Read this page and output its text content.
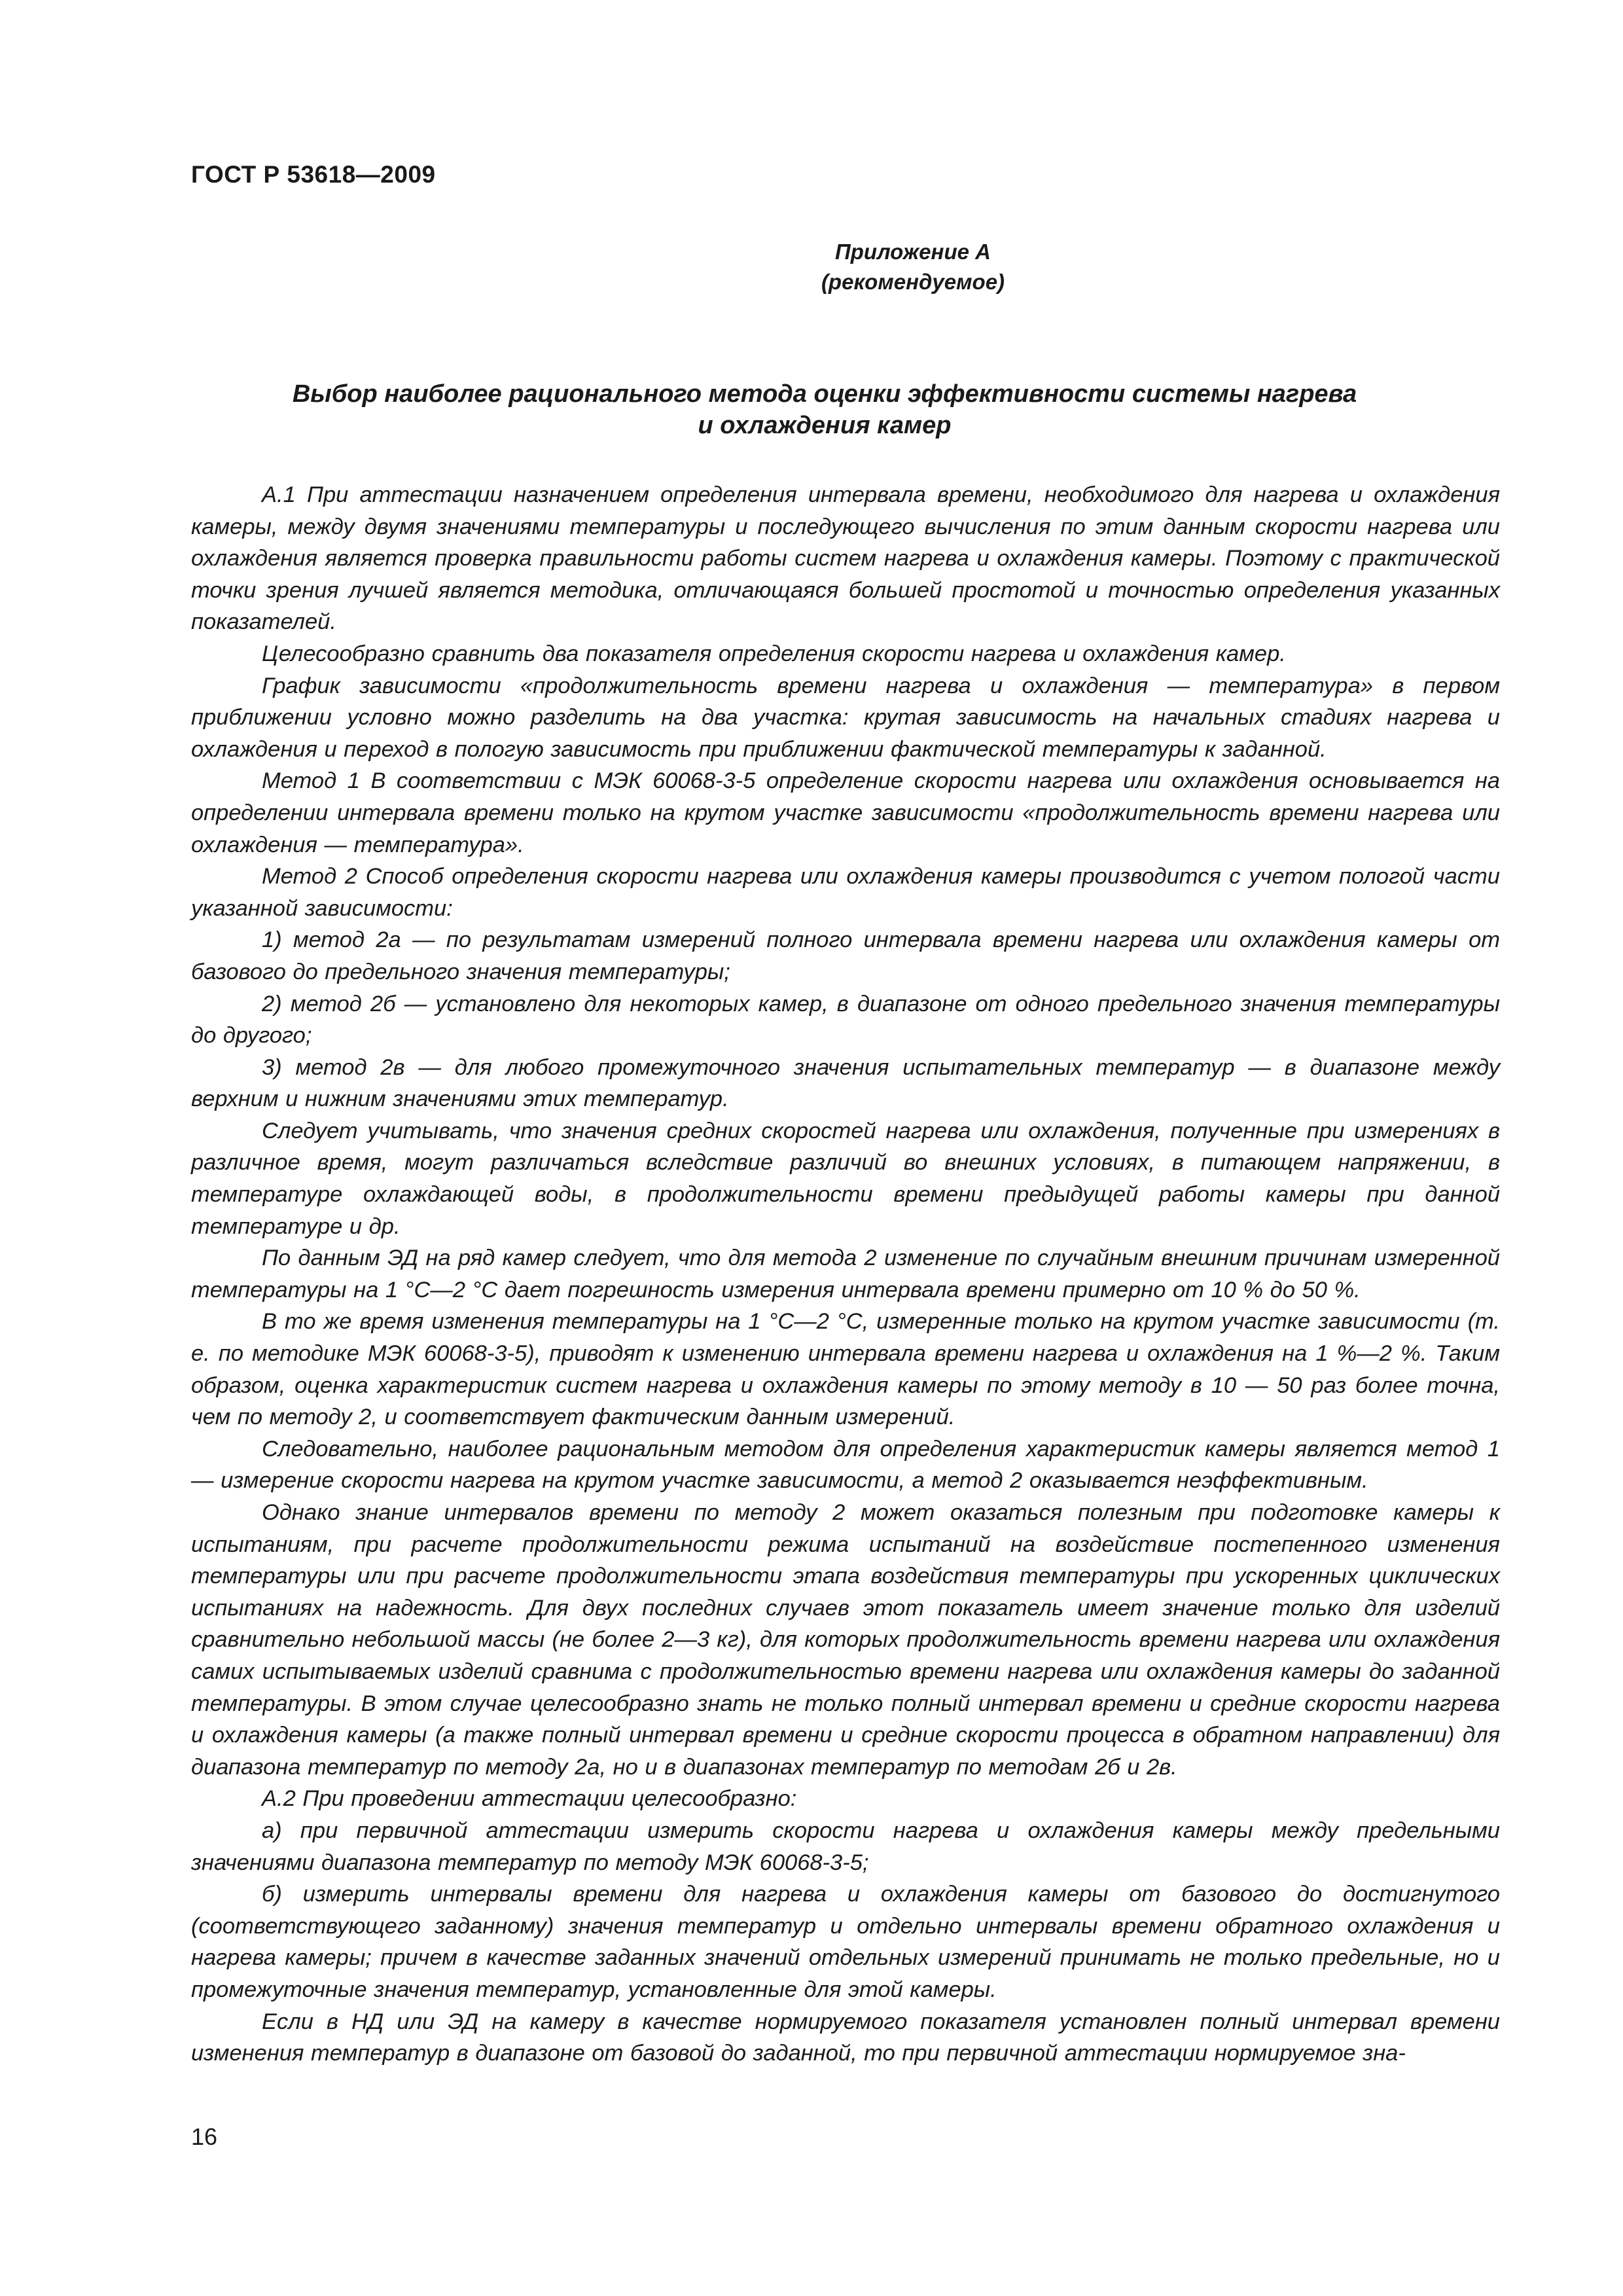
ГОСТ Р 53618—2009
Приложение А
(рекомендуемое)
Выбор наиболее рационального метода оценки эффективности системы нагрева
и охлаждения камер

А.1 При аттестации назначением определения интервала времени, необходимого для нагрева и охлаждения камеры, между двумя значениями температуры и последующего вычисления по этим данным скорости нагрева или охлаждения является проверка правильности работы систем нагрева и охлаждения камеры. Поэтому с практической точки зрения лучшей является методика, отличающаяся большей простотой и точностью определения указанных показателей.

Целесообразно сравнить два показателя определения скорости нагрева и охлаждения камер.

График зависимости «продолжительность времени нагрева и охлаждения — температура» в первом приближении условно можно разделить на два участка: крутая зависимость на начальных стадиях нагрева и охлаждения и переход в пологую зависимость при приближении фактической температуры к заданной.

Метод 1 В соответствии с МЭК 60068-3-5 определение скорости нагрева или охлаждения основывается на определении интервала времени только на крутом участке зависимости «продолжительность времени нагрева или охлаждения — температура».

Метод 2 Способ определения скорости нагрева или охлаждения камеры производится с учетом пологой части указанной зависимости:

1) метод 2а — по результатам измерений полного интервала времени нагрева или охлаждения камеры от базового до предельного значения температуры;

2) метод 2б — установлено для некоторых камер, в диапазоне от одного предельного значения температуры до другого;

3) метод 2в — для любого промежуточного значения испытательных температур — в диапазоне между верхним и нижним значениями этих температур.

Следует учитывать, что значения средних скоростей нагрева или охлаждения, полученные при измерениях в различное время, могут различаться вследствие различий во внешних условиях, в питающем напряжении, в температуре охлаждающей воды, в продолжительности времени предыдущей работы камеры при данной температуре и др.

По данным ЭД на ряд камер следует, что для метода 2 изменение по случайным внешним причинам измеренной температуры на 1 °С—2 °С дает погрешность измерения интервала времени примерно от 10 % до 50 %.

В то же время изменения температуры на 1 °С—2 °С, измеренные только на крутом участке зависимости (т. е. по методике МЭК 60068-3-5), приводят к изменению интервала времени нагрева и охлаждения на 1 %—2 %. Таким образом, оценка характеристик систем нагрева и охлаждения камеры по этому методу в 10 — 50 раз более точна, чем по методу 2, и соответствует фактическим данным измерений.

Следовательно, наиболее рациональным методом для определения характеристик камеры является метод 1 — измерение скорости нагрева на крутом участке зависимости, а метод 2 оказывается неэффективным.

Однако знание интервалов времени по методу 2 может оказаться полезным при подготовке камеры к испытаниям, при расчете продолжительности режима испытаний на воздействие постепенного изменения температуры или при расчете продолжительности этапа воздействия температуры при ускоренных циклических испытаниях на надежность. Для двух последних случаев этот показатель имеет значение только для изделий сравнительно небольшой массы (не более 2—3 кг), для которых продолжительность времени нагрева или охлаждения самих испытываемых изделий сравнима с продолжительностью времени нагрева или охлаждения камеры до заданной температуры. В этом случае целесообразно знать не только полный интервал времени и средние скорости нагрева и охлаждения камеры (а также полный интервал времени и средние скорости процесса в обратном направлении) для диапазона температур по методу 2а, но и в диапазонах температур по методам 2б и 2в.

А.2 При проведении аттестации целесообразно:

а) при первичной аттестации измерить скорости нагрева и охлаждения камеры между предельными значениями диапазона температур по методу МЭК 60068-3-5;

б) измерить интервалы времени для нагрева и охлаждения камеры от базового до достигнутого (соответствующего заданному) значения температур и отдельно интервалы времени обратного охлаждения и нагрева камеры; причем в качестве заданных значений отдельных измерений принимать не только предельные, но и промежуточные значения температур, установленные для этой камеры.

Если в НД или ЭД на камеру в качестве нормируемого показателя установлен полный интервал времени изменения температур в диапазоне от базовой до заданной, то при первичной аттестации нормируемое зна-

16
